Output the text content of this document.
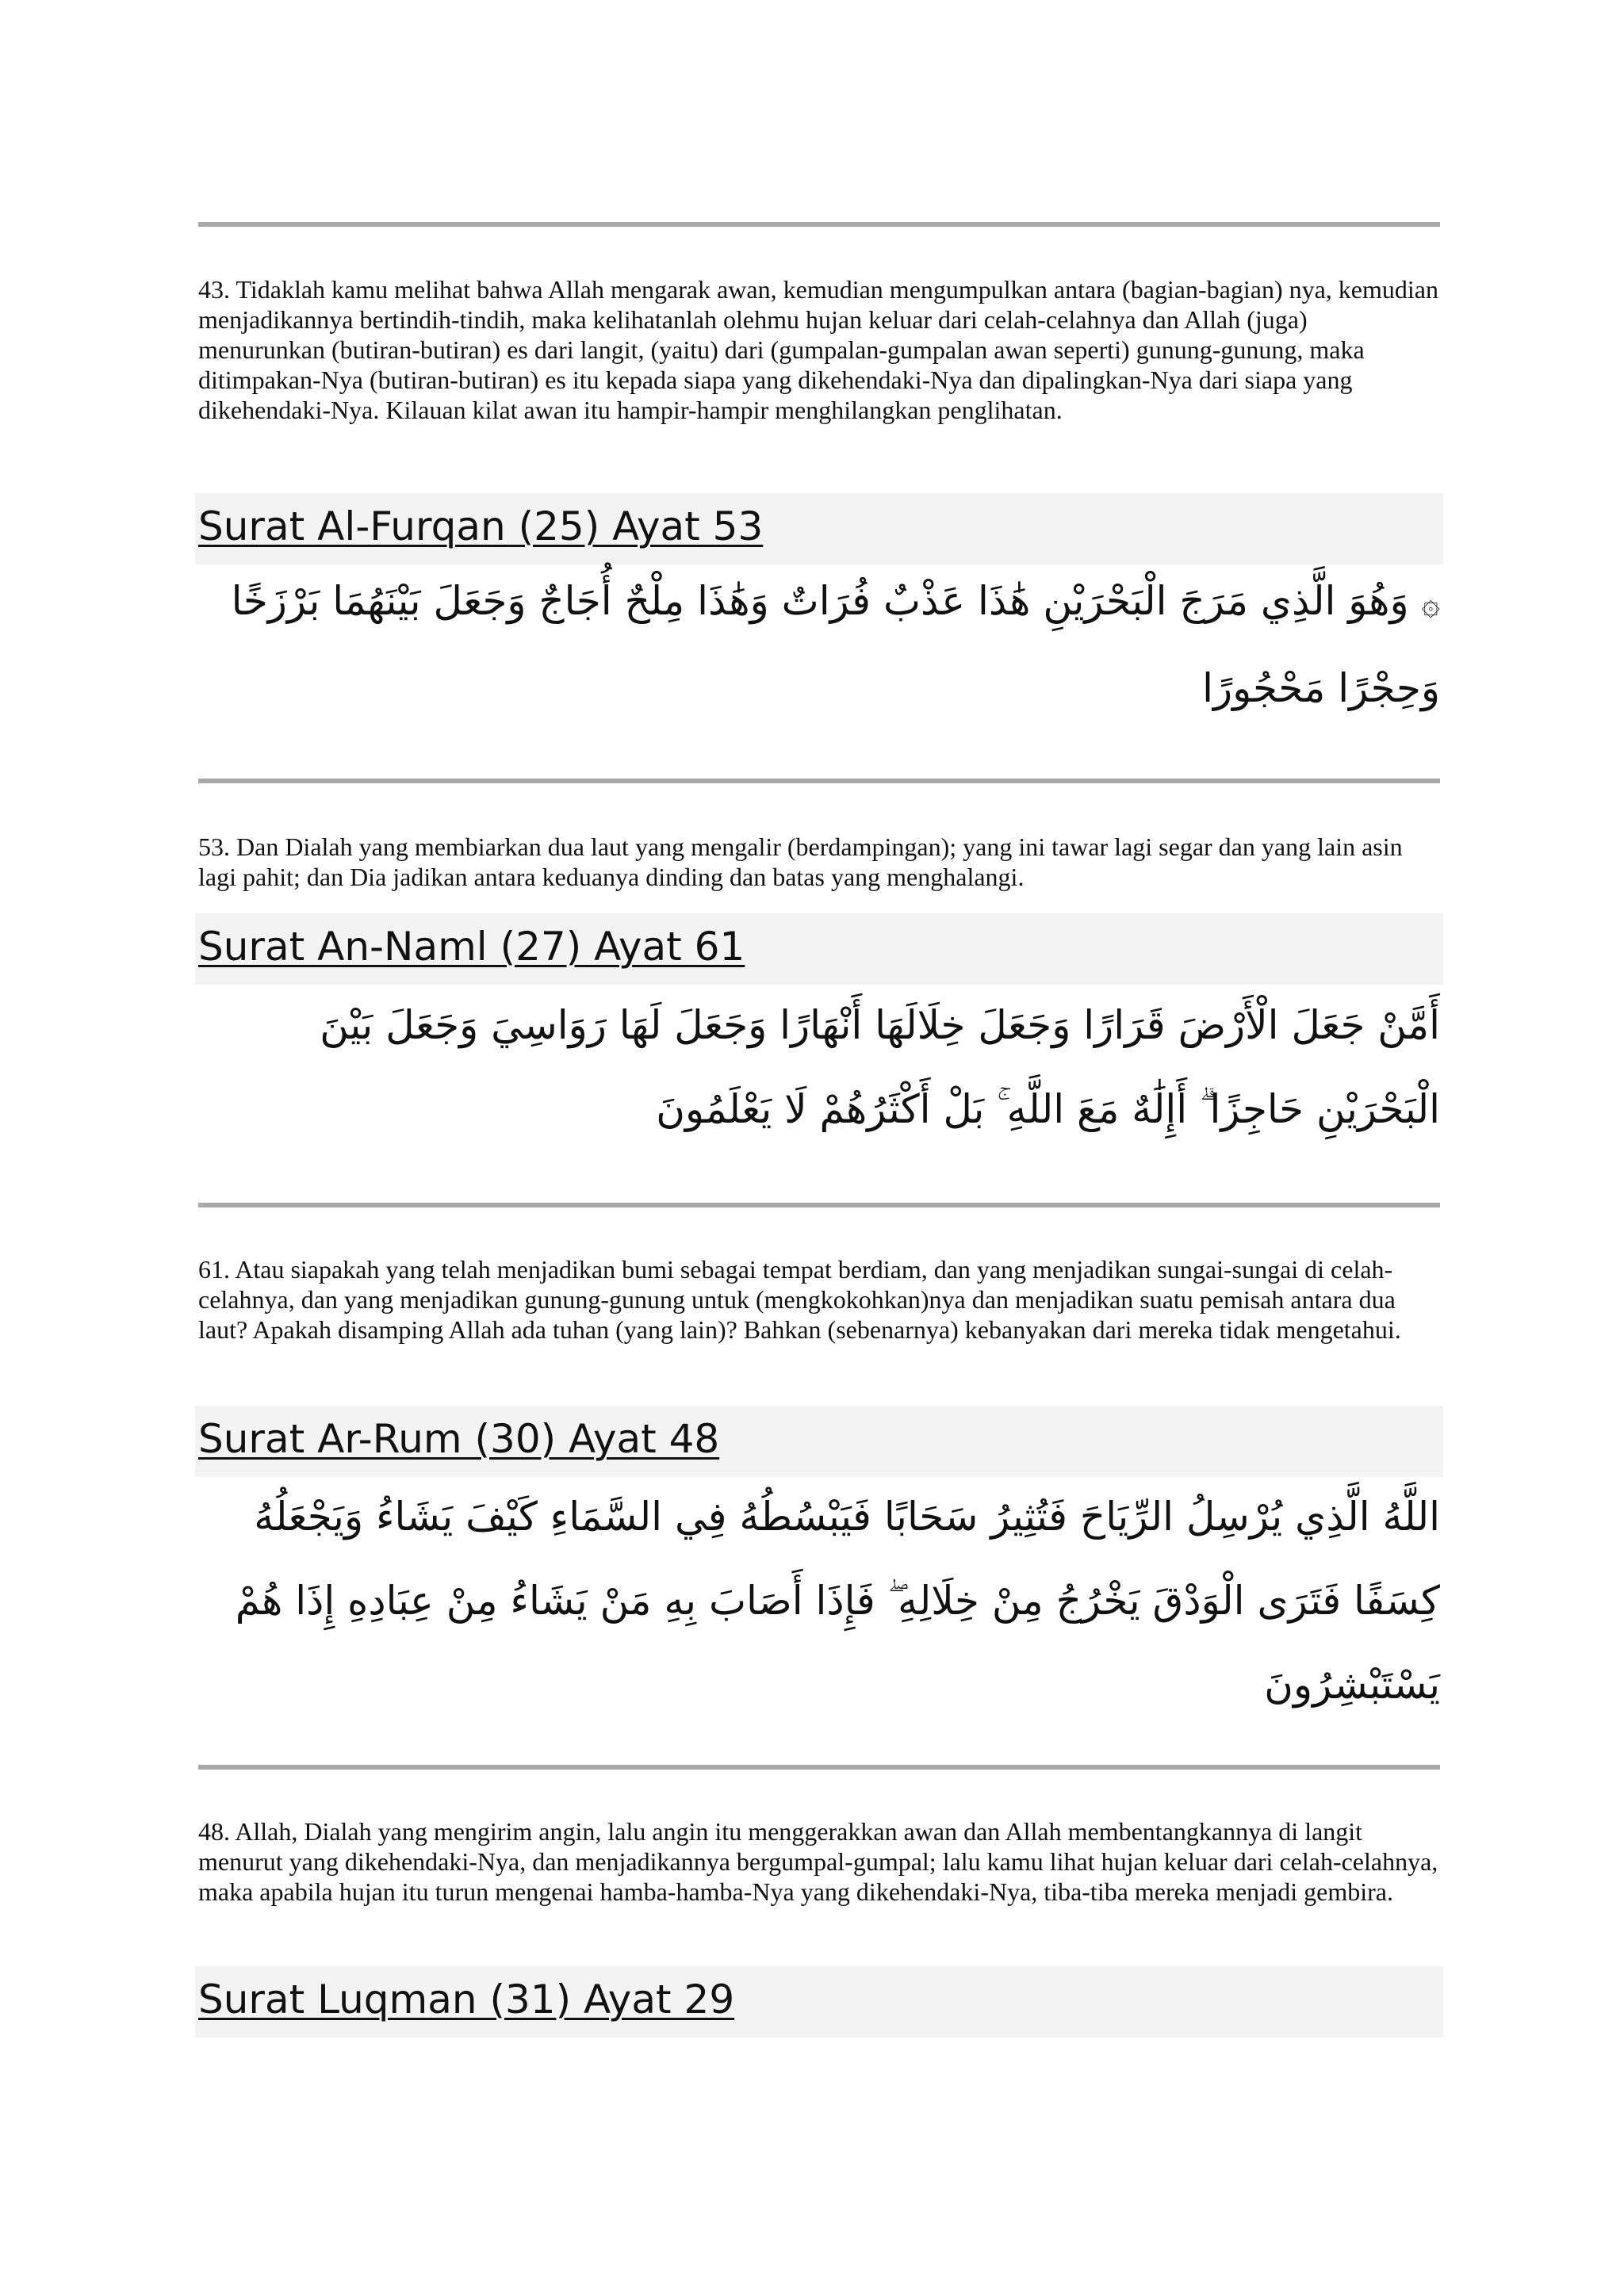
43. Tidaklah kamu melihat bahwa Allah mengarak awan, kemudian mengumpulkan antara (bagian-bagian) nya, kemudian menjadikannya bertindih-tindih, maka kelihatanlah olehmu hujan keluar dari celah-celahnya dan Allah (juga) menurunkan (butiran-butiran) es dari langit, (yaitu) dari (gumpalan-gumpalan awan seperti) gunung-gunung, maka ditimpakan-Nya (butiran-butiran) es itu kepada siapa yang dikehendaki-Nya dan dipalingkan-Nya dari siapa yang dikehendaki-Nya. Kilauan kilat awan itu hampir-hampir menghilangkan penglihatan.

Surat Al-Furqan (25) Ayat 53
۞ وَهُوَ الَّذِي مَرَجَ الْبَحْرَيْنِ هَٰذَا عَذْبٌ فُرَاتٌ وَهَٰذَا مِلْحٌ أُجَاجٌ وَجَعَلَ بَيْنَهُمَا بَرْزَخًا وَحِجْرًا مَحْجُورًا

53. Dan Dialah yang membiarkan dua laut yang mengalir (berdampingan); yang ini tawar lagi segar dan yang lain asin lagi pahit; dan Dia jadikan antara keduanya dinding dan batas yang menghalangi.

Surat An-Naml (27) Ayat 61
أَمَّنْ جَعَلَ الْأَرْضَ قَرَارًا وَجَعَلَ خِلَالَهَا أَنْهَارًا وَجَعَلَ لَهَا رَوَاسِيَ وَجَعَلَ بَيْنَ الْبَحْرَيْنِ حَاجِزًا ۗ أَإِلَٰهٌ مَعَ اللَّهِ ۚ بَلْ أَكْثَرُهُمْ لَا يَعْلَمُونَ

61. Atau siapakah yang telah menjadikan bumi sebagai tempat berdiam, dan yang menjadikan sungai-sungai di celah-celahnya, dan yang menjadikan gunung-gunung untuk (mengkokohkan)nya dan menjadikan suatu pemisah antara dua laut? Apakah disamping Allah ada tuhan (yang lain)? Bahkan (sebenarnya) kebanyakan dari mereka tidak mengetahui.

Surat Ar-Rum (30) Ayat 48
اللَّهُ الَّذِي يُرْسِلُ الرِّيَاحَ فَتُثِيرُ سَحَابًا فَيَبْسُطُهُ فِي السَّمَاءِ كَيْفَ يَشَاءُ وَيَجْعَلُهُ كِسَفًا فَتَرَى الْوَدْقَ يَخْرُجُ مِنْ خِلَالِهِ ۖ فَإِذَا أَصَابَ بِهِ مَنْ يَشَاءُ مِنْ عِبَادِهِ إِذَا هُمْ يَسْتَبْشِرُونَ

48. Allah, Dialah yang mengirim angin, lalu angin itu menggerakkan awan dan Allah membentangkannya di langit menurut yang dikehendaki-Nya, dan menjadikannya bergumpal-gumpal; lalu kamu lihat hujan keluar dari celah-celahnya, maka apabila hujan itu turun mengenai hamba-hamba-Nya yang dikehendaki-Nya, tiba-tiba mereka menjadi gembira.

Surat Luqman (31) Ayat 29
